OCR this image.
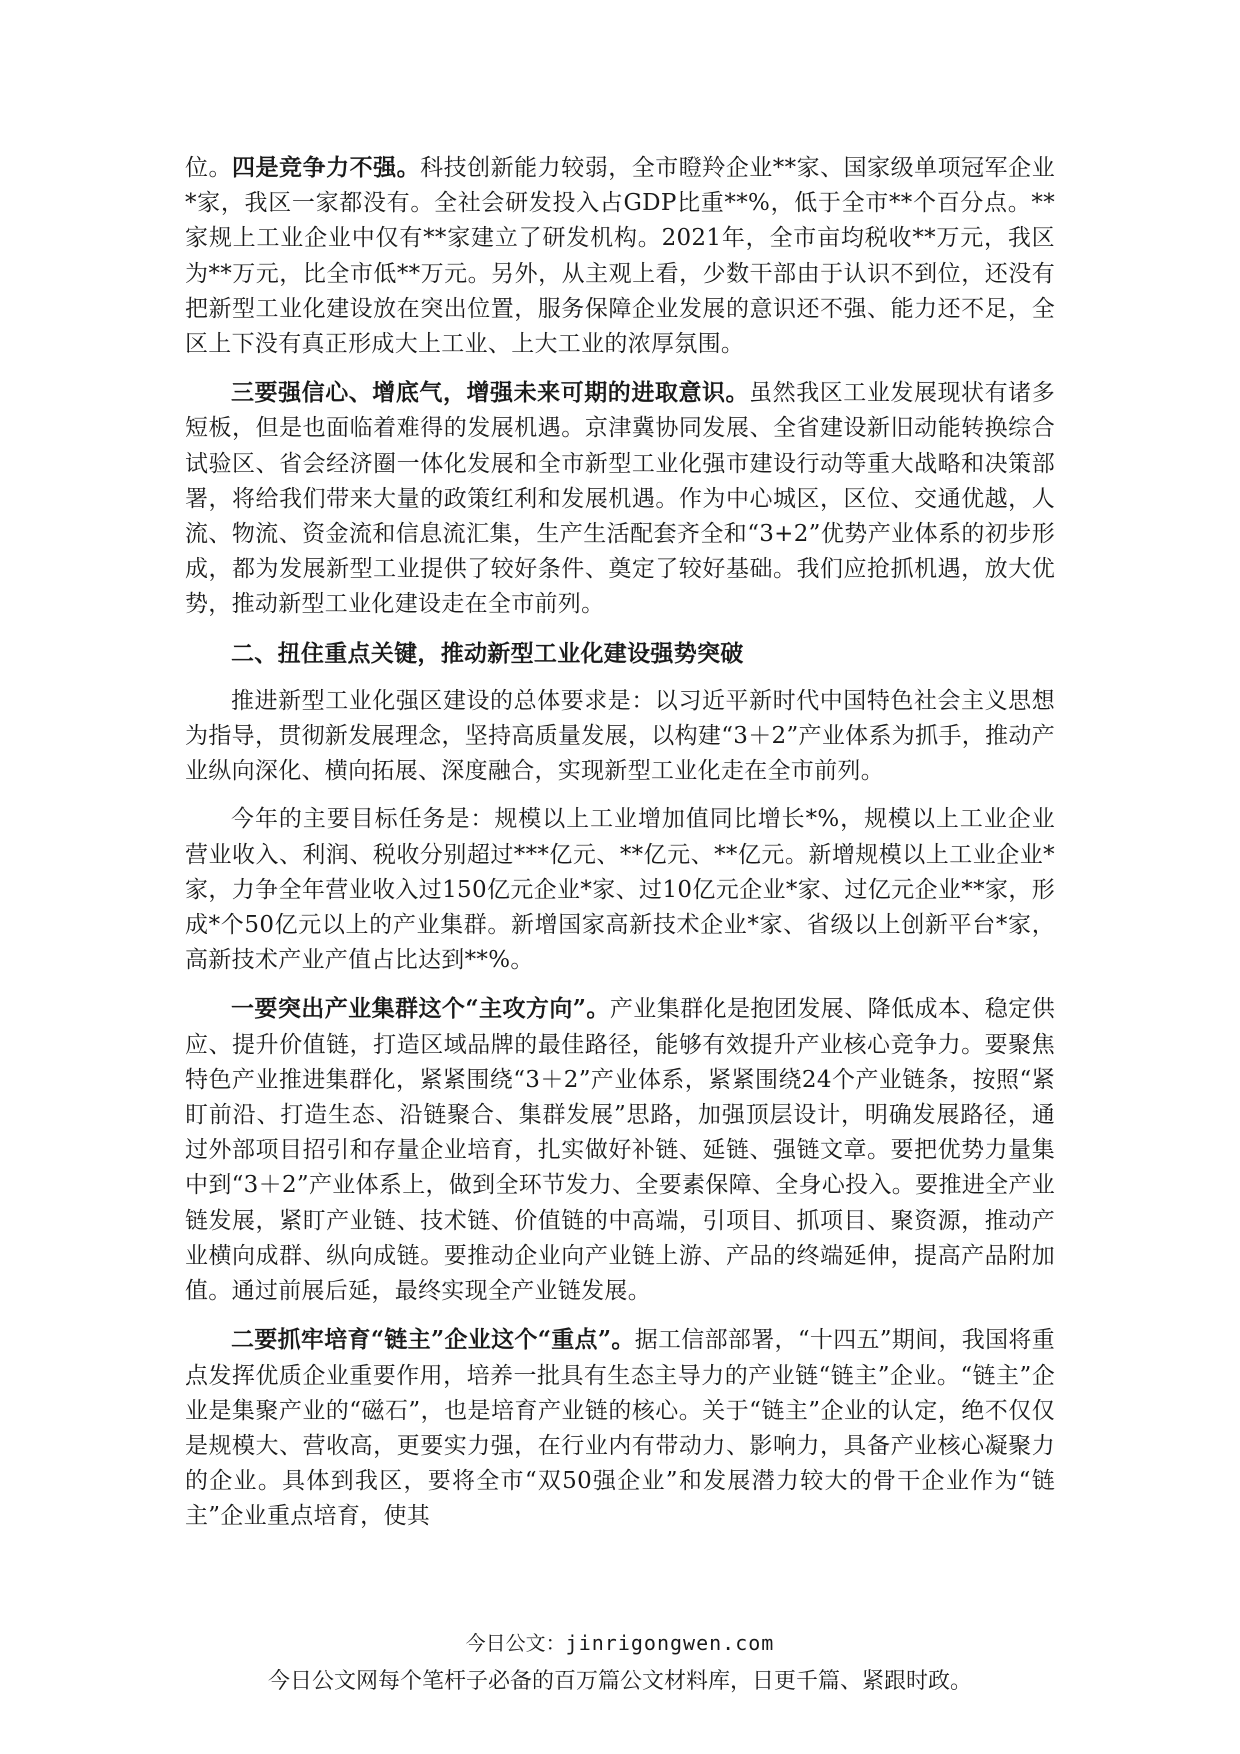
位。四是竞争力不强。科技创新能力较弱，全市瞪羚企业**家、国家级单项冠军企业*家，我区一家都没有。全社会研发投入占GDP比重**%，低于全市**个百分点。**家规上工业企业中仅有**家建立了研发机构。2021年，全市亩均税收**万元，我区为**万元，比全市低**万元。另外，从主观上看，少数干部由于认识不到位，还没有把新型工业化建设放在突出位置，服务保障企业发展的意识还不强、能力还不足，全区上下没有真正形成大上工业、上大工业的浓厚氛围。

三要强信心、增底气，增强未来可期的进取意识。虽然我区工业发展现状有诸多短板，但是也面临着难得的发展机遇。京津冀协同发展、全省建设新旧动能转换综合试验区、省会经济圈一体化发展和全市新型工业化强市建设行动等重大战略和决策部署，将给我们带来大量的政策红利和发展机遇。作为中心城区，区位、交通优越，人流、物流、资金流和信息流汇集，生产生活配套齐全和“3+2”优势产业体系的初步形成，都为发展新型工业提供了较好条件、奠定了较好基础。我们应抢抓机遇，放大优势，推动新型工业化建设走在全市前列。

二、扭住重点关键，推动新型工业化建设强势突破

推进新型工业化强区建设的总体要求是：以习近平新时代中国特色社会主义思想为指导，贯彻新发展理念，坚持高质量发展，以构建“3＋2”产业体系为抓手，推动产业纵向深化、横向拓展、深度融合，实现新型工业化走在全市前列。

今年的主要目标任务是：规模以上工业增加值同比增长*%，规模以上工业企业营业收入、利润、税收分别超过***亿元、**亿元、**亿元。新增规模以上工业企业*家，力争全年营业收入过150亿元企业*家、过10亿元企业*家、过亿元企业**家，形成*个50亿元以上的产业集群。新增国家高新技术企业*家、省级以上创新平台*家，高新技术产业产值占比达到**%。

一要突出产业集群这个“主攻方向”。产业集群化是抱团发展、降低成本、稳定供应、提升价值链，打造区域品牌的最佳路径，能够有效提升产业核心竞争力。要聚焦特色产业推进集群化，紧紧围绕“3＋2”产业体系，紧紧围绕24个产业链条，按照“紧盯前沿、打造生态、沿链聚合、集群发展”思路，加强顶层设计，明确发展路径，通过外部项目招引和存量企业培育，扎实做好补链、延链、强链文章。要把优势力量集中到“3＋2”产业体系上，做到全环节发力、全要素保障、全身心投入。要推进全产业链发展，紧盯产业链、技术链、价值链的中高端，引项目、抓项目、聚资源，推动产业横向成群、纵向成链。要推动企业向产业链上游、产品的终端延伸，提高产品附加值。通过前展后延，最终实现全产业链发展。

二要抓牢培育“链主”企业这个“重点”。据工信部部署，“十四五”期间，我国将重点发挥优质企业重要作用，培养一批具有生态主导力的产业链“链主”企业。“链主”企业是集聚产业的“磁石”，也是培育产业链的核心。关于“链主”企业的认定，绝不仅仅是规模大、营收高，更要实力强，在行业内有带动力、影响力，具备产业核心凝聚力的企业。具体到我区，要将全市“双50强企业”和发展潜力较大的骨干企业作为“链主”企业重点培育，使其

今日公文：jinrigongwen.com
今日公文网每个笔杆子必备的百万篇公文材料库，日更千篇、紧跟时政。
